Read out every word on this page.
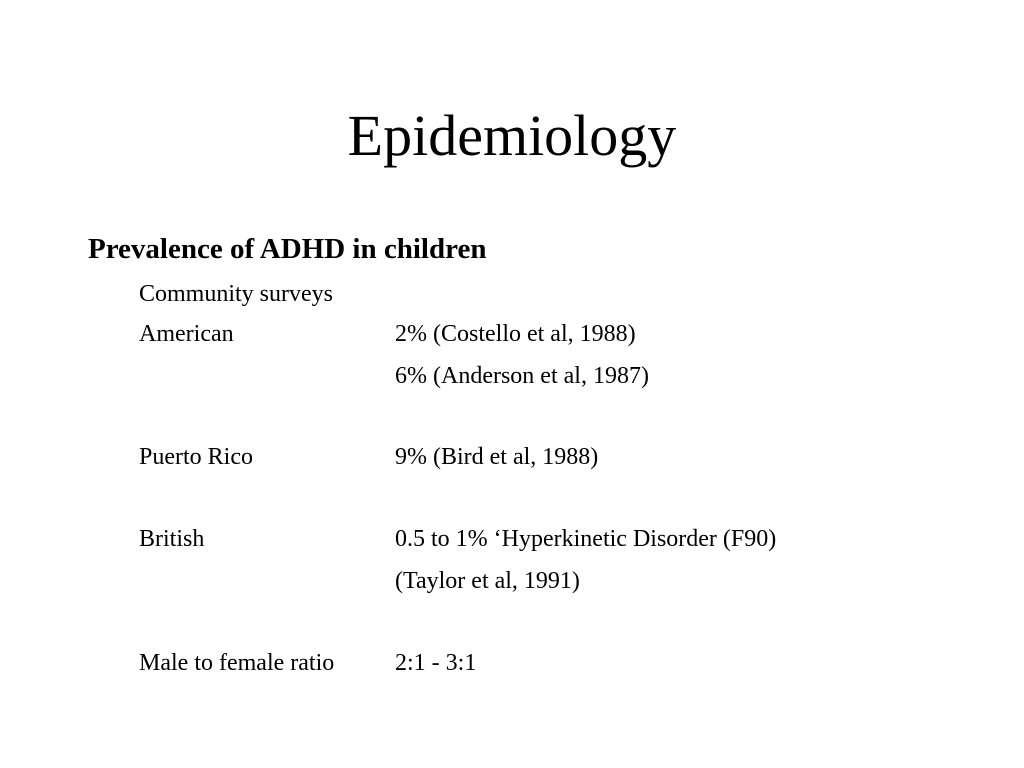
Epidemiology

Prevalence of ADHD in children

Community surveys
American	2% (Costello et al, 1988)
6% (Anderson et al, 1987)
Puerto Rico	9% (Bird et al, 1988)
British	0.5 to 1% ‘Hyperkinetic Disorder (F90)
(Taylor et al, 1991)
Male to female ratio	2:1 - 3:1
